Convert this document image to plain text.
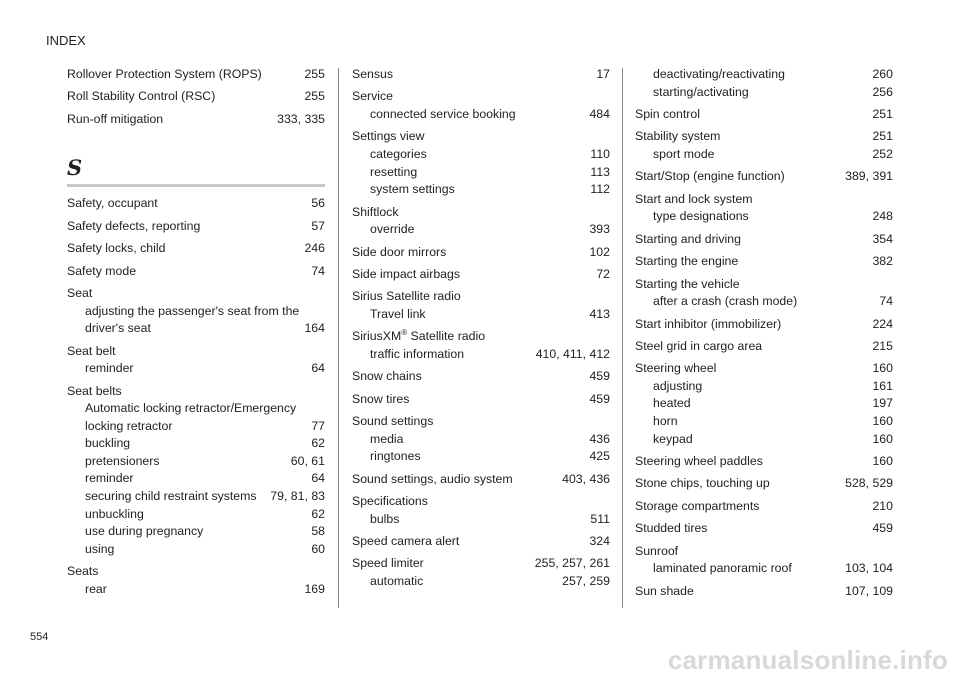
INDEX
Rollover Protection System (ROPS)	255
Roll Stability Control (RSC)	255
Run-off mitigation	333, 335
S
Safety, occupant	56
Safety defects, reporting	57
Safety locks, child	246
Safety mode	74
Seat
adjusting the passenger's seat from the
driver's seat	164
Seat belt
reminder	64
Seat belts
Automatic locking retractor/Emergency
locking retractor	77
buckling	62
pretensioners	60, 61
reminder	64
securing child restraint systems	79, 81, 83
unbuckling	62
use during pregnancy	58
using	60
Seats
rear	169
Sensus	17
Service
connected service booking	484
Settings view
categories	110
resetting	113
system settings	112
Shiftlock
override	393
Side door mirrors	102
Side impact airbags	72
Sirius Satellite radio
Travel link	413
SiriusXM® Satellite radio
traffic information	410, 411, 412
Snow chains	459
Snow tires	459
Sound settings
media	436
ringtones	425
Sound settings, audio system	403, 436
Specifications
bulbs	511
Speed camera alert	324
Speed limiter	255, 257, 261
automatic	257, 259
deactivating/reactivating	260
starting/activating	256
Spin control	251
Stability system	251
sport mode	252
Start/Stop (engine function)	389, 391
Start and lock system
type designations	248
Starting and driving	354
Starting the engine	382
Starting the vehicle
after a crash (crash mode)	74
Start inhibitor (immobilizer)	224
Steel grid in cargo area	215
Steering wheel	160
adjusting	161
heated	197
horn	160
keypad	160
Steering wheel paddles	160
Stone chips, touching up	528, 529
Storage compartments	210
Studded tires	459
Sunroof
laminated panoramic roof	103, 104
Sun shade	107, 109
554
carmanualsonline.info
